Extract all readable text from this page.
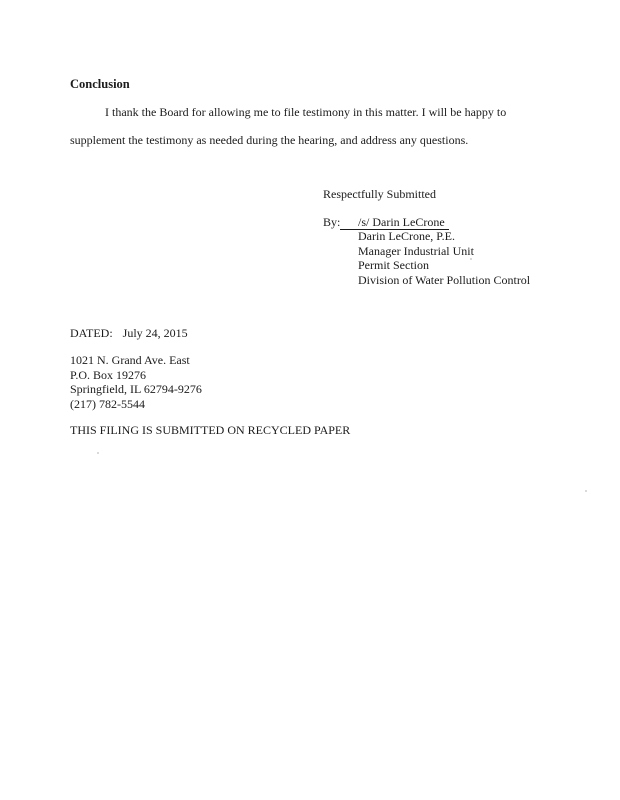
Conclusion
I thank the Board for allowing me to file testimony in this matter. I will be happy to
supplement the testimony as needed during the hearing, and address any questions.
Respectfully Submitted
By: /s/ Darin LeCrone
Darin LeCrone, P.E.
Manager Industrial Unit
Permit Section
Division of Water Pollution Control
DATED: July 24, 2015
1021 N. Grand Ave. East
P.O. Box 19276
Springfield, IL 62794-9276
(217) 782-5544
THIS FILING IS SUBMITTED ON RECYCLED PAPER
